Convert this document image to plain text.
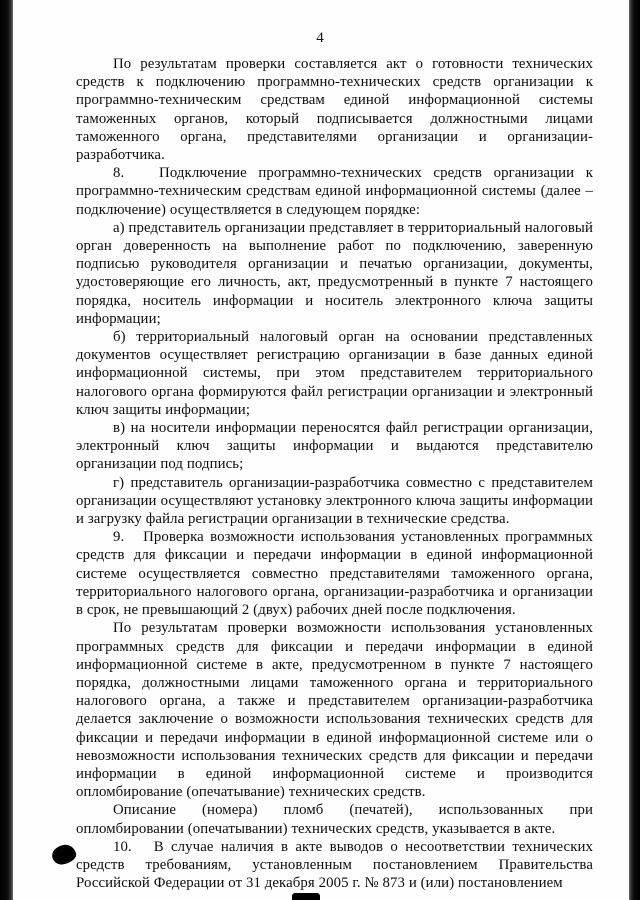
4

По результатам проверки составляется акт о готовности технических средств к подключению программно-технических средств организации к программно-техническим средствам единой информационной системы таможенных органов, который подписывается должностными лицами таможенного органа, представителями организации и организации-разработчика.

8.   Подключение программно-технических средств организации к программно-техническим средствам единой информационной системы (далее – подключение) осуществляется в следующем порядке:

а) представитель организации представляет в территориальный налоговый орган доверенность на выполнение работ по подключению, заверенную подписью руководителя организации и печатью организации, документы, удостоверяющие его личность, акт, предусмотренный в пункте 7 настоящего порядка, носитель информации и носитель электронного ключа защиты информации;

б) территориальный налоговый орган на основании представленных документов осуществляет регистрацию организации в базе данных единой информационной системы, при этом представителем территориального налогового органа формируются файл регистрации организации и электронный ключ защиты информации;

в) на носители информации переносятся файл регистрации организации, электронный ключ защиты информации и выдаются представителю организации под подпись;

г) представитель организации-разработчика совместно с представителем организации осуществляют установку электронного ключа защиты информации и загрузку файла регистрации организации в технические средства.

9.   Проверка возможности использования установленных программных средств для фиксации и передачи информации в единой информационной системе осуществляется совместно представителями таможенного органа, территориального налогового органа, организации-разработчика и организации в срок, не превышающий 2 (двух) рабочих дней после подключения.

По результатам проверки возможности использования установленных программных средств для фиксации и передачи информации в единой информационной системе в акте, предусмотренном в пункте 7 настоящего порядка, должностными лицами таможенного органа и территориального налогового органа, а также и представителем организации-разработчика делается заключение о возможности использования технических средств для фиксации и передачи информации в единой информационной системе или о невозможности использования технических средств для фиксации и передачи информации в единой информационной системе и производится опломбирование (опечатывание) технических средств.

Описание (номера) пломб (печатей), использованных при опломбировании (опечатывании) технических средств, указывается в акте.

10.   В случае наличия в акте выводов о несоответствии технических средств требованиям, установленным постановлением Правительства Российской Федерации от 31 декабря 2005 г. № 873 и (или) постановлением
